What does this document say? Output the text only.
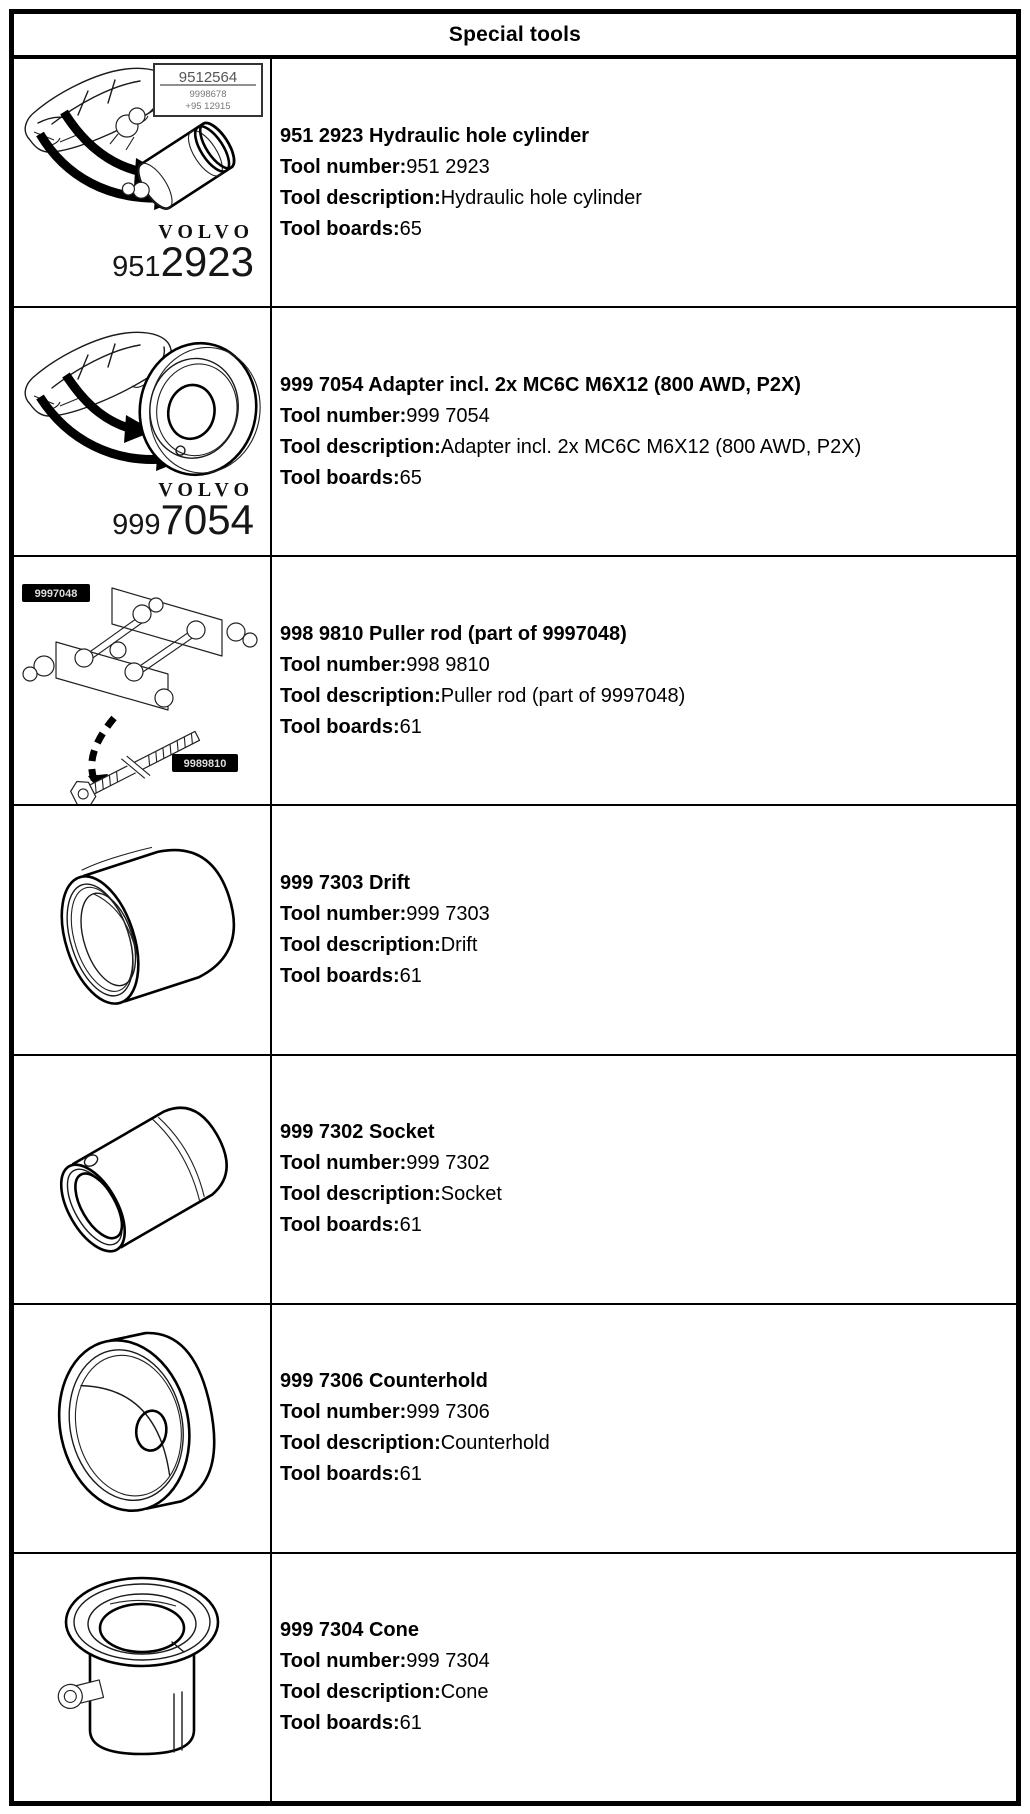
Special tools
9512564
9998678
+95 12915
VOLVO
9512923
951 2923 Hydraulic hole cylinder
Tool number:951 2923
Tool description:Hydraulic hole cylinder
Tool boards:65
VOLVO
9997054
999 7054 Adapter incl. 2x MC6C M6X12 (800 AWD, P2X)
Tool number:999 7054
Tool description:Adapter incl. 2x MC6C M6X12 (800 AWD, P2X)
Tool boards:65
9997048
9989810
998 9810 Puller rod (part of 9997048)
Tool number:998 9810
Tool description:Puller rod (part of 9997048)
Tool boards:61
999 7303 Drift
Tool number:999 7303
Tool description:Drift
Tool boards:61
999 7302 Socket
Tool number:999 7302
Tool description:Socket
Tool boards:61
999 7306 Counterhold
Tool number:999 7306
Tool description:Counterhold
Tool boards:61
999 7304 Cone
Tool number:999 7304
Tool description:Cone
Tool boards:61
